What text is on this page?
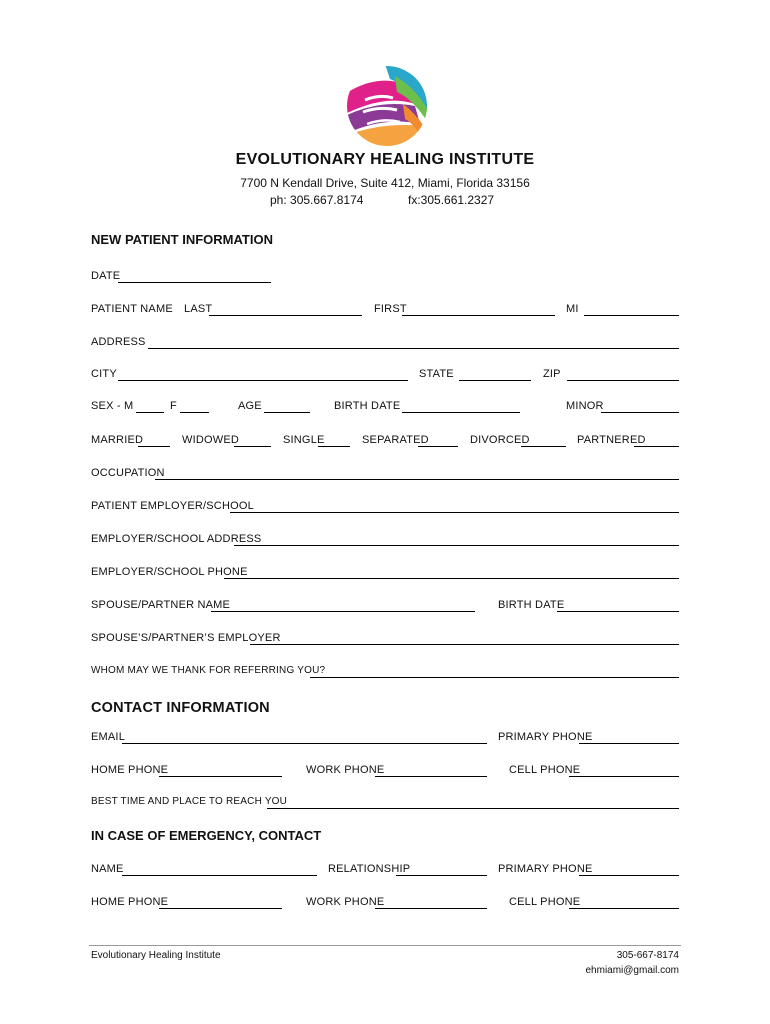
EVOLUTIONARY HEALING INSTITUTE
7700 N Kendall Drive, Suite 412, Miami, Florida 33156
ph: 305.667.8174	fx:305.661.2327
NEW PATIENT INFORMATION
DATE
PATIENT NAME LAST	FIRST	MI
ADDRESS
CITY	STATE	ZIP
SEX - M	F	AGE	BIRTH DATE	MINOR
MARRIED	WIDOWED	SINGLE	SEPARATED	DIVORCED	PARTNERED
OCCUPATION
PATIENT EMPLOYER/SCHOOL
EMPLOYER/SCHOOL ADDRESS
EMPLOYER/SCHOOL PHONE
SPOUSE/PARTNER NAME	BIRTH DATE
SPOUSE’S/PARTNER’S EMPLOYER
WHOM MAY WE THANK FOR REFERRING YOU?
CONTACT INFORMATION
EMAIL	PRIMARY PHONE
HOME PHONE	WORK PHONE	CELL PHONE
BEST TIME AND PLACE TO REACH YOU
IN CASE OF EMERGENCY, CONTACT
NAME	RELATIONSHIP	PRIMARY PHONE
HOME PHONE	WORK PHONE	CELL PHONE
Evolutionary Healing Institute	305-667-8174
ehmiami@gmail.com
